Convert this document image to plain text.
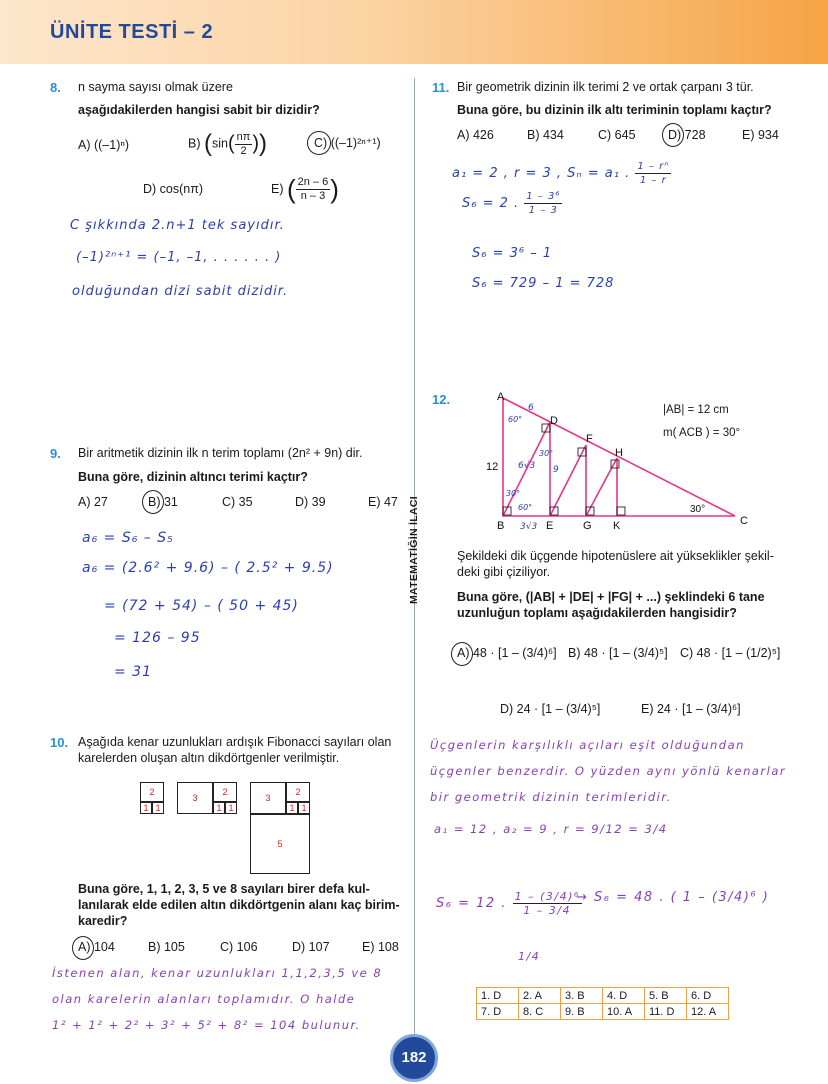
ÜNİTE TESTİ – 2
8. n sayma sayısı olmak üzere
aşağıdakilerden hangisi sabit bir dizidir?
A) ((–1)ⁿ)	B) ($\sin( \frac{n\pi}{2}$ ))	C) ((–1)²ⁿ⁺¹)
D) cos(nπ)	E) ( $\frac{2n - 6}{n - 3}$ )
C şıkkında 2.n+1 tek sayıdır.
(–1)²ⁿ⁺¹ = (–1, –1, . . . . . . )
olduğundan dizi sabit dizidir.
9. Bir aritmetik dizinin ilk n terim toplamı (2n² + 9n) dir.
Buna göre, dizinin altıncı terimi kaçtır?
A) 27	B) 31	C) 35	D) 39	E) 47
a₆ = S₆ – S₅
a₆ = (2.6² + 9.6) – ( 2.5² + 9.5)
= (72 + 54) – ( 50 + 45)
= 126 – 95
= 31
10. Aşağıda kenar uzunlukları ardışık Fibonacci sayıları olan
karelerden oluşan altın dikdörtgenler verilmiştir.
2
1 1
3
2
1 1
3
2
1 1
5
Buna göre, 1, 1, 2, 3, 5 ve 8 sayıları birer defa kul-
lanılarak elde edilen altın dikdörtgenin alanı kaç birim-
karedir?
A) 104	B) 105	C) 106	D) 107	E) 108
İstenen alan, kenar uzunlukları 1,1,2,3,5 ve 8
olan karelerin alanları toplamıdır. O halde
1² + 1² + 2² + 3² + 5² + 8² = 104 bulunur.
MATEMATİĞİN İLACI
11. Bir geometrik dizinin ilk terimi 2 ve ortak çarpanı 3 tür.
Buna göre, bu dizinin ilk altı teriminin toplamı kaçtır?
A) 426	B) 434	C) 645	D) 728	E) 934
a₁ = 2 , r = 3 , Sₙ = a₁ . $\frac{\text{1 – rⁿ}}{1 - r}$
S₆ = 2 . $\frac{\text{1 – 3⁶}}{1 - 3}$
S₆ = 3⁶ – 1
S₆ = 729 – 1 = 728
12.	A
B	C
D
E
F
G
H
K
12
30°
6
60°
30°
6√3 9
30°
60°
3√3
|AB| = 12 cm
m( ACB ) = 30°
Şekildeki dik üçgende hipotenüslere ait yükseklikler şekil-
deki gibi çiziliyor.
Buna göre, (|AB| + |DE| + |FG| + ...) şeklindeki 6 tane
uzunluğun toplamı aşağıdakilerden hangisidir?
A) 48 · [1 – (3/4)⁶] B) 48 · [1 – (3/4)⁵] C) 48 · [1 – (1/2)⁵]
D) 24 · [1 – (3/4)⁵]	E) 24 · [1 – (3/4)⁶]
Üçgenlerin karşılıklı açıları eşit olduğundan
üçgenler benzerdir. O yüzden aynı yönlü kenarlar
bir geometrik dizinin terimleridir.
a₁ = 12 , a₂ = 9 , r = 9/12 = 3/4
S₆ = 12 . $\frac{\text{1 – (3/4)⁶}}{1 - 3/4}$
1/4
→ S₆ = 48 . ( 1 – (3/4)⁶ )
1. D	2. A	3. B	4. D	5. B	6. D
7. D	8. C	9. B	10. A	11. D	12. A
182
